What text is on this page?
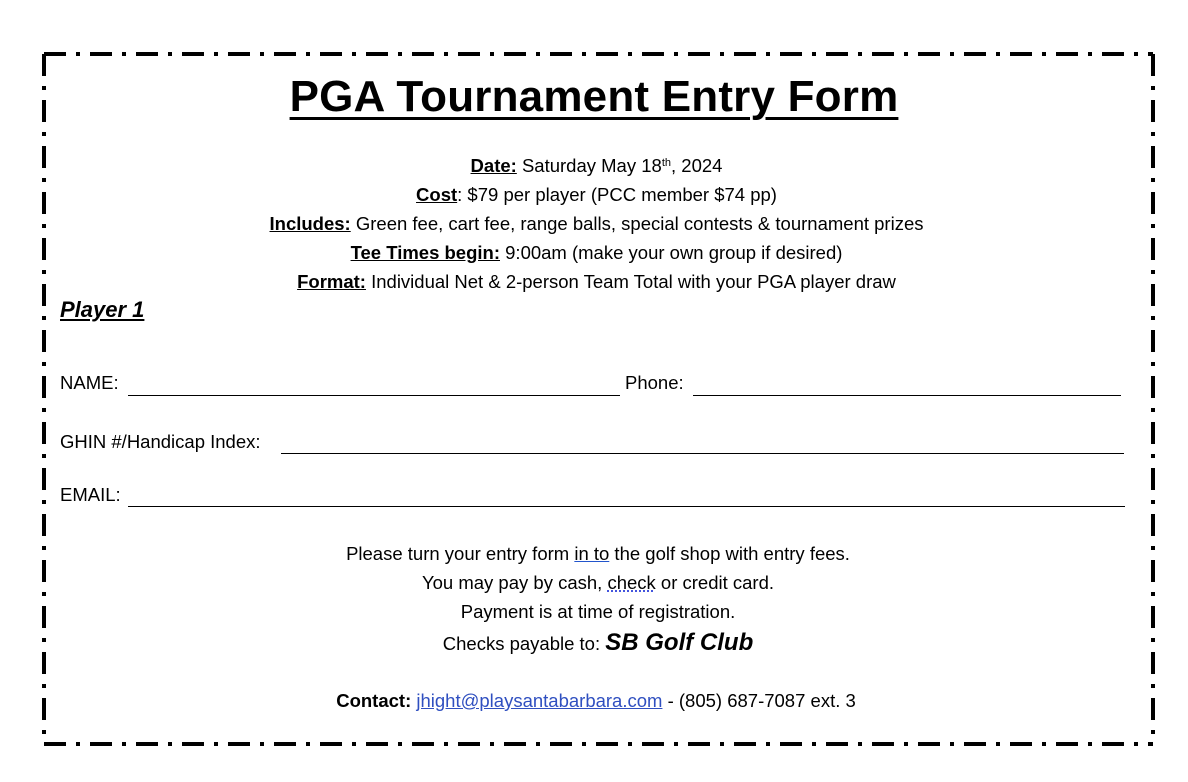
PGA Tournament Entry Form
Date: Saturday May 18th, 2024
Cost: $79 per player (PCC member $74 pp)
Includes: Green fee, cart fee, range balls, special contests & tournament prizes
Tee Times begin: 9:00am (make your own group if desired)
Format: Individual Net & 2-person Team Total with your PGA player draw
Player 1
NAME:	Phone:
GHIN #/Handicap Index:
EMAIL:
Please turn your entry form in to the golf shop with entry fees.
You may pay by cash, check or credit card.
Payment is at time of registration.
Checks payable to: SB Golf Club
Contact: jhight@playsantabarbara.com - (805) 687-7087 ext. 3
